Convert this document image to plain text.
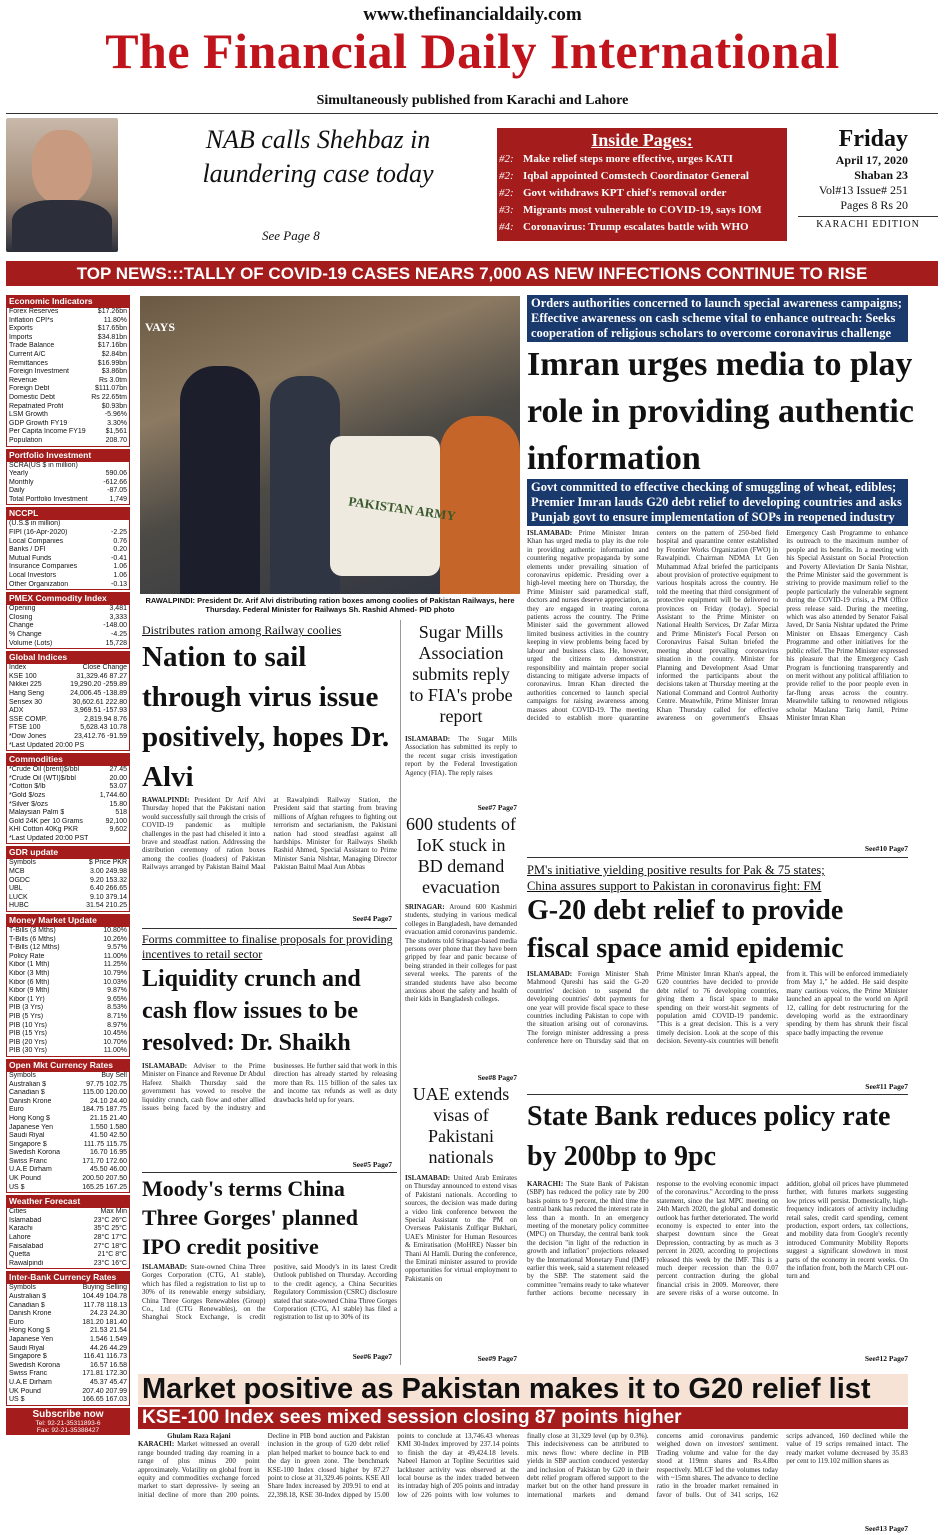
www.thefinancialdaily.com
The Financial Daily International
Simultaneously published from Karachi and Lahore
NAB calls Shehbaz in laundering case today
See Page 8
Inside Pages:
#2: Make relief steps more effective, urges KATI
#2: Iqbal appointed Comstech Coordinator General
#2: Govt withdraws KPT chief's removal order
#3: Migrants most vulnerable to COVID-19, says IOM
#4: Coronavirus: Trump escalates battle with WHO
Friday
April 17, 2020
Shaban 23
Vol#13 Issue# 251
Pages 8 Rs 20
KARACHI EDITION
TOP NEWS:::TALLY OF COVID-19 CASES NEARS 7,000 AS NEW INFECTIONS CONTINUE TO RISE
Economic Indicators
Forex Reserves	$17.26bn
Inflation CPI*s	11.80%
Exports	$17.65bn
Imports	$34.81bn
Trade Balance	$17.16bn
Current A/C	$2.84bn
Remittances	$16.99bn
Foreign Investment	$3.86bn
Revenue	Rs 3.0tm
Foreign Debt	$111.07bn
Domestic Debt	Rs 22.65tm
Repatriated Profit	$0.93bn
LSM Growth	-5.96%
GDP Growth FY19	3.30%
Per Capita Income FY19	$1,561
Population	208.70
Portfolio Investment
SCRA(US $ in million)
Yearly	590.06
Monthly	-612.66
Daily	-87.05
Total Portfolio Investment	1,749
NCCPL
(U.S.$ in million)
FIPI (16-Apr-2020)	-2.25
Local Companies	0.76
Banks / DFI	0.20
Mutual Funds	-0.41
Insurance Companies	1.06
Local Investors	1.06
Other Organization	-0.13
PMEX Commodity Index
Opening	3,481
Closing	3,333
Change	-148.00
% Change	-4.25
Volume (Lots)	15,728
Global Indices
Index	Close Change
KSE 100	31,329.46 87.27
Nikkei 225	19,290.20 -259.89
Hang Seng	24,006.45 -138.89
Sensex 30	30,602.61 222.80
ADX	3,969.51 -157.93
SSE COMP.	2,819.94 8.76
FTSE 100	5,628.43 10.78
*Dow Jones	23,412.76 -91.59
*Last Updated 20:00 PS
Commodities
*Crude Oil (brent)$/bbl	27.45
*Crude Oil (WTI)$/bbl	20.00
*Cotton $/lb	53.07
*Gold $/ozs	1,744.60
*Silver $/ozs	15.80
Malaysian Palm $	518
Gold 24K per 10 Grams	92,100
KHI Cotton 40Kg PKR	9,602
*Last Updated 20:00 PST
GDR update
Symbols	$ Price PKR
MCB	3.00 249.98
OGDC	9.20 153.32
UBL	6.40 266.65
LUCK	9.10 379.14
HUBC	31.54 210.25
Money Market Update
T-Bills (3 Mths)	10.80%
T-Bills (6 Mths)	10.26%
T-Bills (12 Mths)	9.57%
Policy Rate	11.00%
Kibor (1 Mth)	11.25%
Kibor (3 Mth)	10.79%
Kibor (6 Mth)	10.03%
Kibor (9 Mth)	9.87%
Kibor (1 Yr)	9.65%
PIB (3 Yrs)	8.53%
PIB (5 Yrs)	8.71%
PIB (10 Yrs)	8.97%
PIB (15 Yrs)	10.45%
PIB (20 Yrs)	10.70%
PIB (30 Yrs)	11.00%
Open Mkt Currency Rates
Symbols	Buy Sell
Australian $	97.75 102.75
Canadian $	115.00 120.00
Danish Krone	24.10 24.40
Euro	184.75 187.75
Hong Kong $	21.15 21.40
Japanese Yen	1.550 1.580
Saudi Riyal	41.50 42.50
Singapore $	111.75 115.75
Swedish Korona	16.70 16.95
Swiss Franc	171.70 172.60
U.A.E Dirham	45.50 46.00
UK Pound	200.50 207.50
US $	165.25 167.25
Weather Forecast
Cities	Max Min
Islamabad	23°C 26°C
Karachi	35°C 25°C
Lahore	28°C 17°C
Faisalabad	27°C 18°C
Quetta	21°C 8°C
Rawalpindi	23°C 16°C
Inter-Bank Currency Rates
Symbols	Buying Selling
Australian $	104.49 104.78
Canadian $	117.78 118.13
Danish Krone	24.23 24.30
Euro	181.20 181.40
Hong Kong $	21.53 21.54
Japanese Yen	1.546 1.549
Saudi Riyal	44.26 44.29
Singapore $	116.41 116.73
Swedish Korona	16.57 16.58
Swiss Franc	171.81 172.30
U.A.E Dirham	45.37 45.47
UK Pound	207.40 207.99
US $	166.65 167.03
Subscribe now
Tel: 92-21-35311893-6
Fax: 92-21-35388427
VAYS
PAKISTAN ARMY
RAWALPINDI: President Dr. Arif Alvi distributing ration boxes among coolies of Pakistan Railways, here Thursday. Federal Minister for Railways Sh. Rashid Ahmed- PID photo
Distributes ration among Railway coolies
Nation to sail through virus issue positively, hopes Dr. Alvi
RAWALPINDI: President Dr Arif Alvi Thursday hoped that the Pakistani nation would successfully sail through the crisis of COVID-19 pandemic as multiple challenges in the past had chiseled it into a brave and steadfast nation. Addressing the distribution ceremony of ration boxes among the coolies (loaders) of Pakistan Railways arranged by Pakistan Baitul Maal at Rawalpindi Railway Station, the President said that starting from braving millions of Afghan refugees to fighting out terrorism and sectarianism, the Pakistani nation had stood steadfast against all hardships. Minister for Railways Sheikh Rashid Ahmed, Special Assistant to Prime Minister Sania Nishtar, Managing Director Pakistan Baitul Maal Aun Abbas
See#4 Page7
Sugar Mills Association submits reply to FIA's probe report
ISLAMABAD: The Sugar Mills Association has submitted its reply to the recent sugar crisis investigation report by the Federal Investigation Agency (FIA). The reply raises
See#7 Page7
600 students of IoK stuck in BD demand evacuation
SRINAGAR: Around 600 Kashmiri students, studying in various medical colleges in Bangladesh, have demanded evacuation amid coronavirus pandemic. The students told Srinagar-based media persons over phone that they have been gripped by fear and panic because of being stranded in their colleges for past several weeks. The parents of the stranded students have also become anxious about the safety and health of their kids in Bangladesh colleges.
See#8 Page7
UAE extends visas of Pakistani nationals
ISLAMABAD: United Arab Emirates on Thursday announced to extend visas of Pakistani nationals. According to sources, the decision was made during a video link conference between the Special Assistant to the PM on Overseas Pakistanis Zulfiqar Bukhari, UAE's Minister for Human Resources & Emiratisation (MoHRE) Nasser bin Thani Al Hamli. During the conference, the Emirati minister assured to provide opportunities for virtual employment to Pakistanis on
See#9 Page7
Forms committee to finalise proposals for providing incentives to retail sector
Liquidity crunch and cash flow issues to be resolved: Dr. Shaikh
ISLAMABAD: Adviser to the Prime Minister on Finance and Revenue Dr Abdul Hafeez Shaikh Thursday said the government has vowed to resolve the liquidity crunch, cash flow and other allied issues being faced by the industry and businesses. He further said that work in this direction has already started by releasing more than Rs. 115 billion of the sales tax and income tax refunds as well as duty drawbacks held up for years.
See#5 Page7
Moody's terms China Three Gorges' planned IPO credit positive
ISLAMABAD: State-owned China Three Gorges Corporation (CTG, A1 stable), which has filed a registration to list up to 30% of its renewable energy subsidiary, China Three Gorges Renewables (Group) Co., Ltd (CTG Renewables), on the Shanghai Stock Exchange, is credit positive, said Moody's in its latest Credit Outlook published on Thursday. According to the credit agency, a China Securities Regulatory Commission (CSRC) disclosure stated that state-owned China Three Gorges Corporation (CTG, A1 stable) has filed a registration to list up to 30% of its
See#6 Page7
Orders authorities concerned to launch special awareness campaigns;
Effective awareness on cash scheme vital to enhance outreach: Seeks
cooperation of religious scholars to overcome coronavirus challenge
Imran urges media to play role in providing authentic information
Govt committed to effective checking of smuggling of wheat, edibles;
Premier Imran lauds G20 debt relief to developing countries and asks
Punjab govt to ensure implementation of SOPs in reopened industry
ISLAMABAD: Prime Minister Imran Khan has urged media to play its due role in providing authentic information and countering negative propaganda by some elements under prevailing situation of coronavirus epidemic. Presiding over a high-level meeting here on Thursday, the Prime Minister said paramedical staff, doctors and nurses deserve appreciation, as they are engaged in treating corona patients across the country. The Prime Minister said the government allowed limited business activities in the country keeping in view problems being faced by labour and business class. He, however, urged the citizens to demonstrate responsibility and maintain proper social distancing to mitigate adverse impacts of coronavirus. Imran Khan directed the authorities concerned to launch special campaigns for raising awareness among masses about COVID-19. The meeting decided to establish more quarantine centers on the pattern of 250-bed field hospital and quarantine center established by Frontier Works Organization (FWO) in Rawalpindi. Chairman NDMA Lt Gen Muhammad Afzal briefed the participants about provision of protective equipment to various hospitals across the country. He told the meeting that third consignment of protective equipment will be delivered to provinces on Friday (today). Special Assistant to the Prime Minister on National Health Services, Dr Zafar Mirza and Prime Minister's Focal Person on Coronavirus Faisal Sultan briefed the meeting about prevailing coronavirus situation in the country. Minister for Planning and Development Asad Umar informed the participants about the decisions taken at Thursday meeting at the National Command and Control Authority Centre. Meanwhile, Prime Minister Imran Khan Thursday called for effective awareness on government's Ehsaas Emergency Cash Programme to enhance its outreach to the maximum number of people and its benefits. In a meeting with his Special Assistant on Social Protection and Poverty Alleviation Dr Sania Nishtar, the Prime Minister said the government is striving to provide maximum relief to the people particularly the vulnerable segment during the COVID-19 crisis, a PM Office press release said. During the meeting, which was also attended by Senator Faisal Javed, Dr Sania Nishtar updated the Prime Minister on Ehsaas Emergency Cash Programme and other initiatives for the public relief. The Prime Minister expressed his pleasure that the Emergency Cash Program is functioning transparently and on merit without any political affiliation to provide relief to the poor people even in far-flung areas across the country. Meanwhile talking to renowned religious scholar Maulana Tariq Jamil, Prime Minister Imran Khan
See#10 Page7
PM's initiative yielding positive results for Pak & 75 states;
China assures support to Pakistan in coronavirus fight: FM
G-20 debt relief to provide fiscal space amid epidemic
ISLAMABAD: Foreign Minister Shah Mahmood Qureshi has said the G-20 countries' decision to suspend the developing countries' debt payments for one year will provide fiscal space to these countries including Pakistan to cope with the situation arising out of coronavirus. The foreign minister addressing a press conference here on Thursday said that on Prime Minister Imran Khan's appeal, the G20 countries have decided to provide debt relief to 76 developing countries, giving them a fiscal space to make spending on their worst-hit segments of population amid COVID-19 pandemic. "This is a great decision. This is a very timely decision. Look at the scope of this decision. Seventy-six countries will benefit from it. This will be enforced immediately from May 1," he added. He said despite many cautious voices, the Prime Minister launched an appeal to the world on April 12, calling for debt restructuring for the developing world as the extraordinary spending by them has shrunk their fiscal space badly impacting the revenue
See#11 Page7
State Bank reduces policy rate by 200bp to 9pc
KARACHI: The State Bank of Pakistan (SBP) has reduced the policy rate by 200 basis points to 9 percent, the third time the central bank has reduced the interest rate in less than a month. In an emergency meeting of the monetary policy committee (MPC) on Thursday, the central bank took the decision "in light of the reduction in growth and inflation" projections released by the International Monetary Fund (IMF) earlier this week, said a statement released by the SBP. The statement said the committee "remains ready to take whatever further actions become necessary in response to the evolving economic impact of the coronavirus." According to the press statement, since the last MPC meeting on 24th March 2020, the global and domestic outlook has further deteriorated. The world economy is expected to enter into the sharpest downturn since the Great Depression, contracting by as much as 3 percent in 2020, according to projections released this week by the IMF. This is a much deeper recession than the 0.07 percent contraction during the global financial crisis in 2009. Moreover, there are severe risks of a worse outcome. In addition, global oil prices have plummeted further, with futures markets suggesting low prices will persist. Domestically, high-frequency indicators of activity including retail sales, credit card spending, cement production, export orders, tax collections, and mobility data from Google's recently introduced Community Mobility Reports suggest a significant slowdown in most parts of the economy in recent weeks. On the inflation front, both the March CPI out-turn and
See#12 Page7
Market positive as Pakistan makes it to G20 relief list
KSE-100 Index sees mixed session closing 87 points higher
Ghulam Raza Rajani
KARACHI: Market witnessed an overall range bounded trading day roaming in a range of plus minus 200 point approximately. Volatility on global front in equity and commodities exchange forced market to start depressive- ly seeing an initial decline of more than 200 points. Decline in PIB bond auction and Pakistan inclusion in the group of G20 debt relief plan helped market to bounce back to end the day in green zone. The benchmark KSE-100 Index closed higher by 87.27 point to close at 31,329.46 points. KSE All Share Index increased by 209.91 to end at 22,398.18, KSE 30-Index dipped by 15.00 points to conclude at 13,746.43 whereas KMI 30-Index improved by 237.14 points to finish the day at 49,424.18 levels. Nabeel Haroon at Topline Securities said lackluster activity was observed at the local bourse as the index traded between its intraday high of 205 points and intraday low of 226 points with low volumes to finally close at 31,329 level (up by 0.3%). This indecisiveness can be attributed to mix news flow: where decline in PIB yields in SBP auction conduced yesterday and inclusion of Pakistan by G20 in their debt relief program offered support to the market but on the other hand pressure in international markets and demand concerns amid coronavirus pandemic weighed down on investors' sentiment. Trading volume and value for the day stood at 119mn shares and Rs.4.8bn respectively. MLCF led the volumes today with ~15mn shares. The advance to decline ratio in the broader market remained in favor of bulls. Out of 341 scrips, 162 scrips advanced, 160 declined while the value of 19 scrips remained intact. The ready market volume decreased by 35.83 per cent to 119.102 million shares as
See#13 Page7
